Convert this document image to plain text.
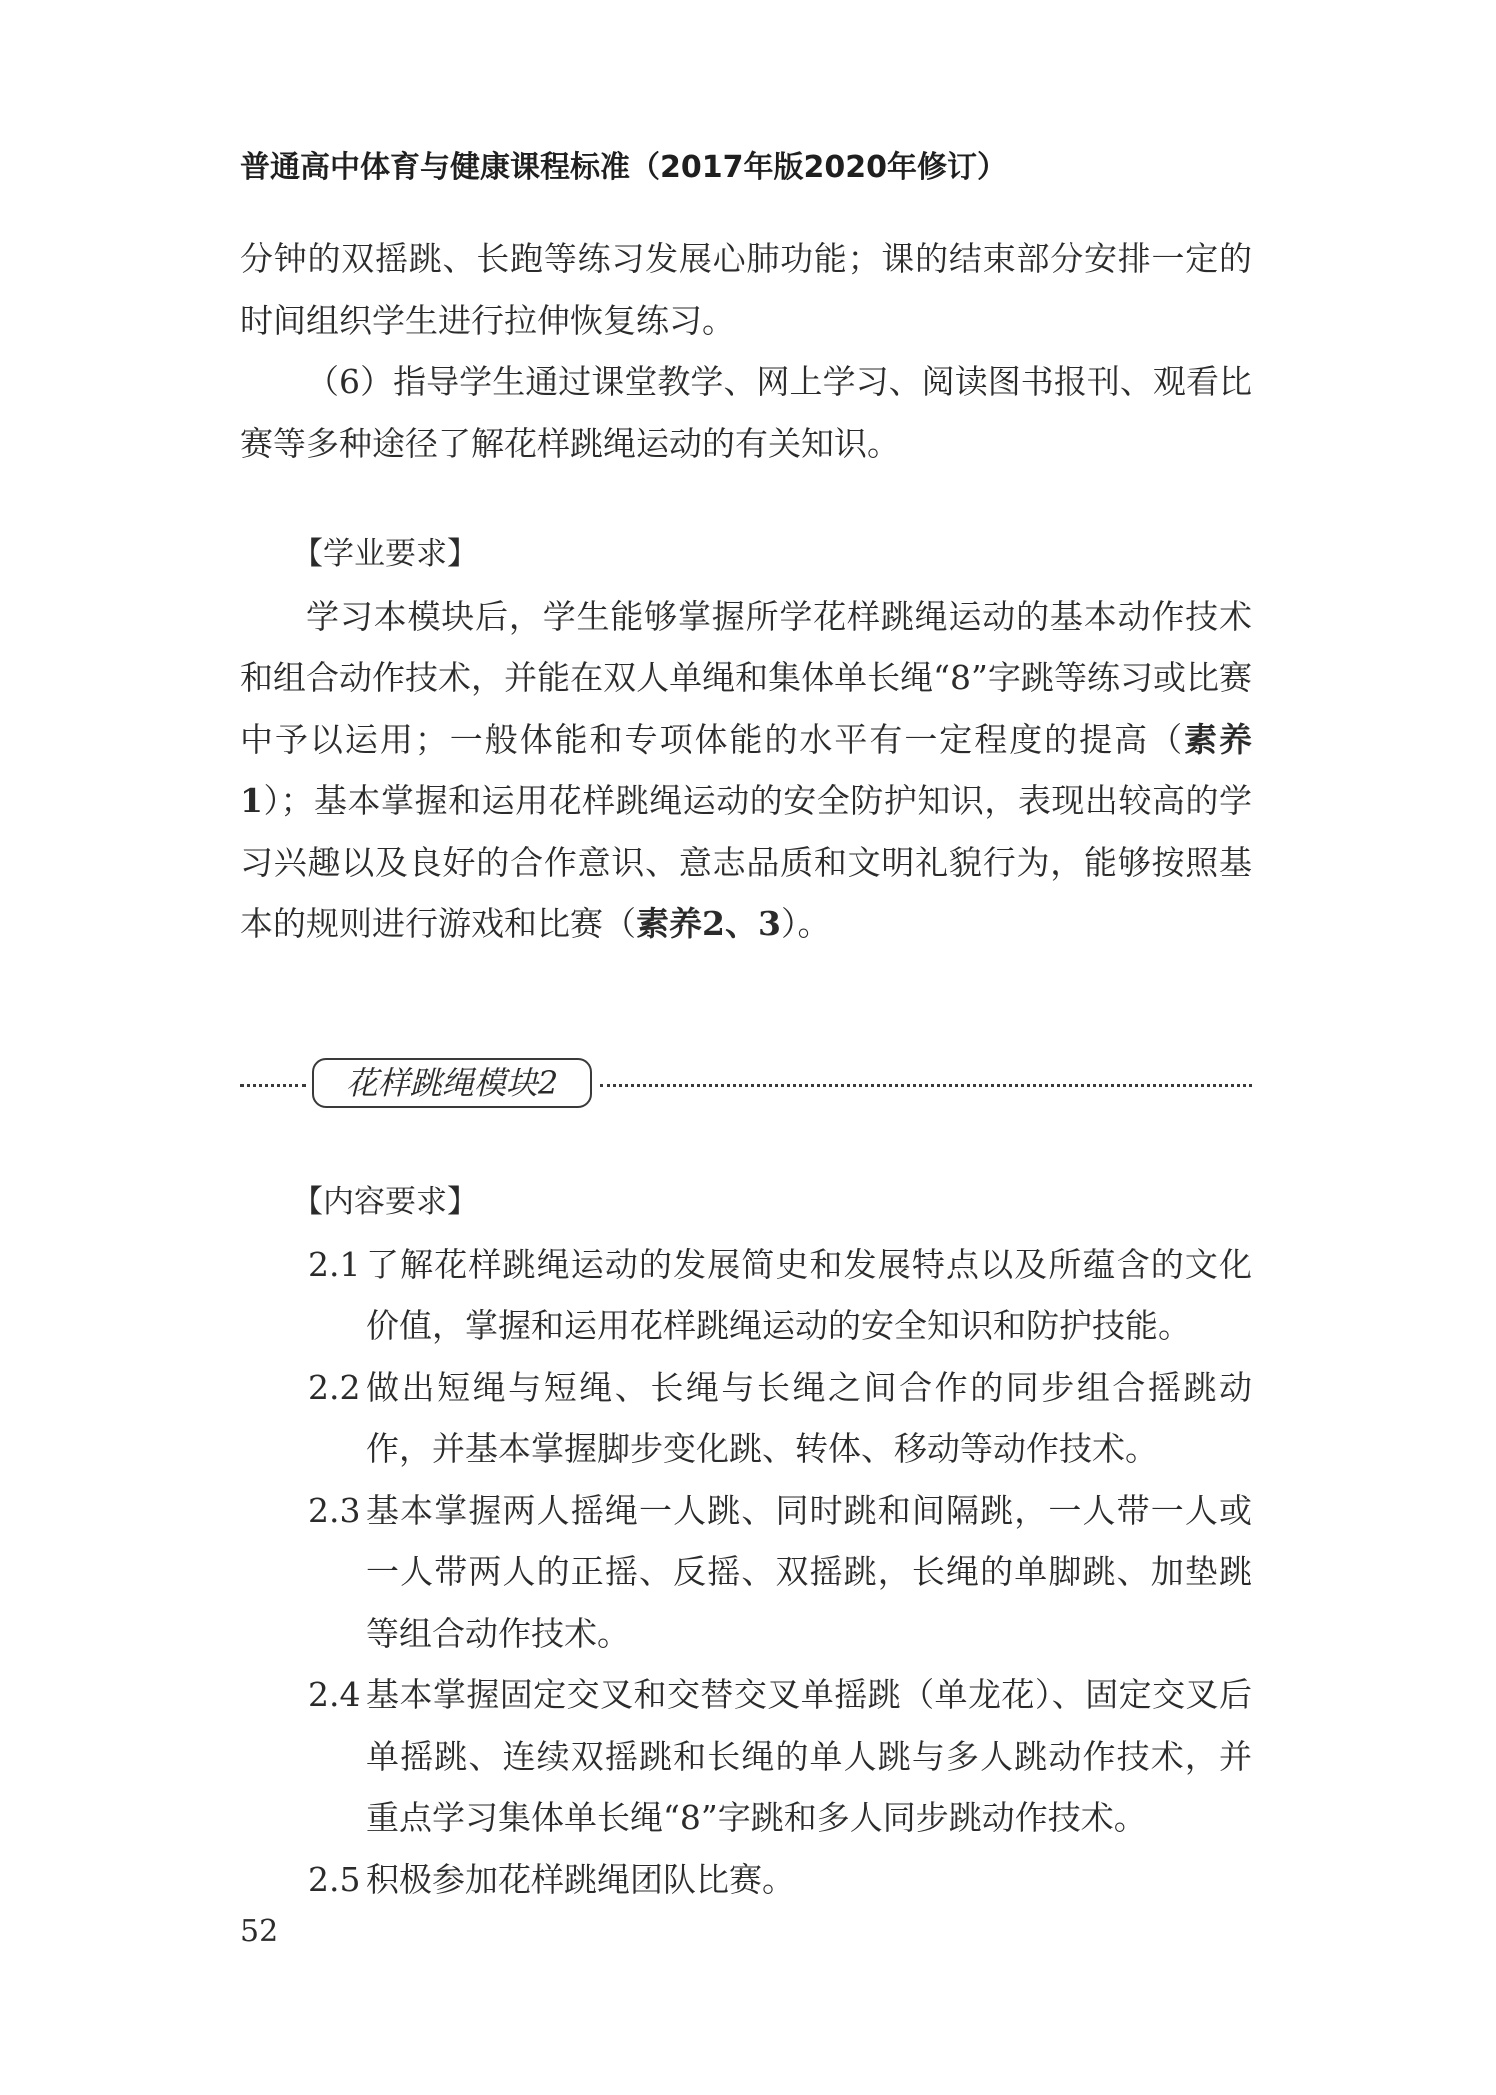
普通高中体育与健康课程标准（2017年版2020年修订）

分钟的双摇跳、长跑等练习发展心肺功能；课的结束部分安排一定的时间组织学生进行拉伸恢复练习。

（6）指导学生通过课堂教学、网上学习、阅读图书报刊、观看比赛等多种途径了解花样跳绳运动的有关知识。

【学业要求】

学习本模块后，学生能够掌握所学花样跳绳运动的基本动作技术和组合动作技术，并能在双人单绳和集体单长绳“8”字跳等练习或比赛中予以运用；一般体能和专项体能的水平有一定程度的提高（素养1）；基本掌握和运用花样跳绳运动的安全防护知识，表现出较高的学习兴趣以及良好的合作意识、意志品质和文明礼貌行为，能够按照基本的规则进行游戏和比赛（素养2、3）。

花样跳绳模块2

【内容要求】

2.1 了解花样跳绳运动的发展简史和发展特点以及所蕴含的文化价值，掌握和运用花样跳绳运动的安全知识和防护技能。

2.2 做出短绳与短绳、长绳与长绳之间合作的同步组合摇跳动作，并基本掌握脚步变化跳、转体、移动等动作技术。

2.3 基本掌握两人摇绳一人跳、同时跳和间隔跳，一人带一人或一人带两人的正摇、反摇、双摇跳，长绳的单脚跳、加垫跳等组合动作技术。

2.4 基本掌握固定交叉和交替交叉单摇跳（单龙花）、固定交叉后单摇跳、连续双摇跳和长绳的单人跳与多人跳动作技术，并重点学习集体单长绳“8”字跳和多人同步跳动作技术。

2.5 积极参加花样跳绳团队比赛。

52
